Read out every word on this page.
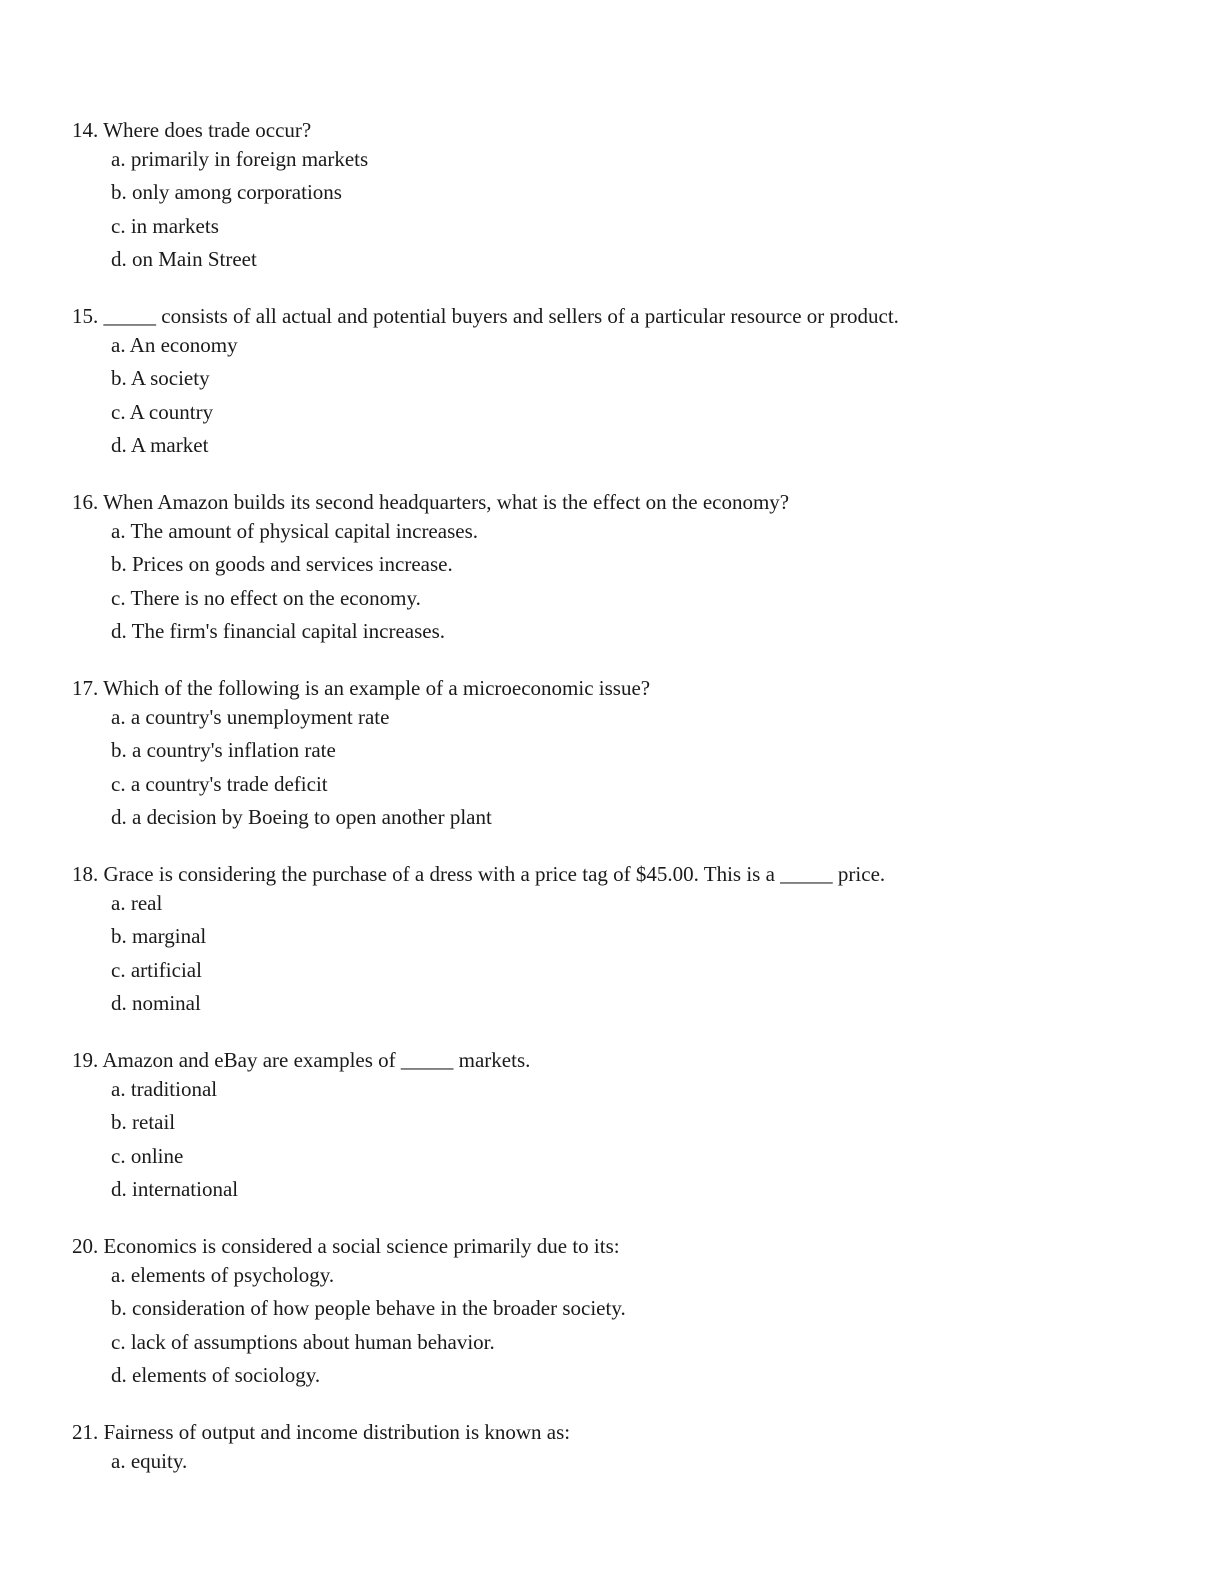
14. Where does trade occur?
a. primarily in foreign markets
b. only among corporations
c. in markets
d. on Main Street
15. _____ consists of all actual and potential buyers and sellers of a particular resource or product.
a. An economy
b. A society
c. A country
d. A market
16. When Amazon builds its second headquarters, what is the effect on the economy?
a. The amount of physical capital increases.
b. Prices on goods and services increase.
c. There is no effect on the economy.
d. The firm's financial capital increases.
17. Which of the following is an example of a microeconomic issue?
a. a country's unemployment rate
b. a country's inflation rate
c. a country's trade deficit
d. a decision by Boeing to open another plant
18. Grace is considering the purchase of a dress with a price tag of $45.00. This is a _____ price.
a. real
b. marginal
c. artificial
d. nominal
19. Amazon and eBay are examples of _____ markets.
a. traditional
b. retail
c. online
d. international
20. Economics is considered a social science primarily due to its:
a. elements of psychology.
b. consideration of how people behave in the broader society.
c. lack of assumptions about human behavior.
d. elements of sociology.
21. Fairness of output and income distribution is known as:
a. equity.
